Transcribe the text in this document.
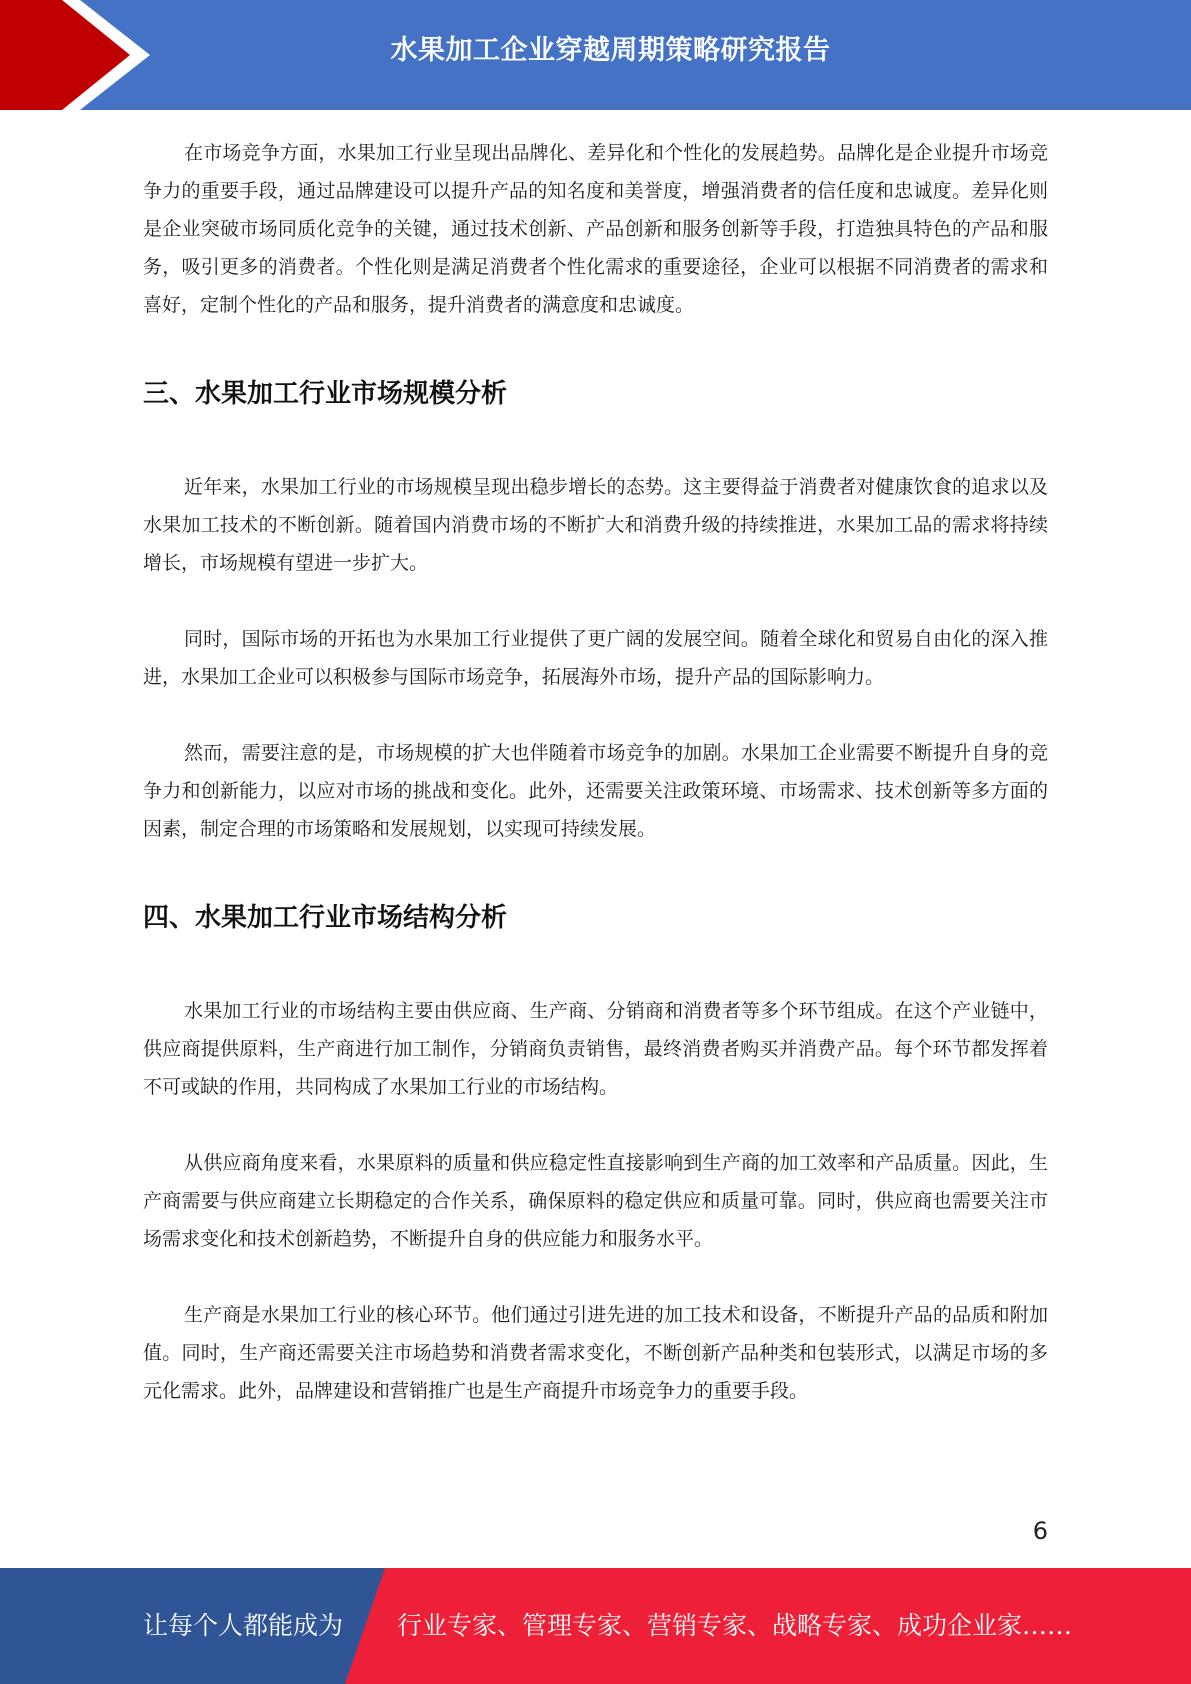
水果加工企业穿越周期策略研究报告

在市场竞争方面，水果加工行业呈现出品牌化、差异化和个性化的发展趋势。品牌化是企业提升市场竞争力的重要手段，通过品牌建设可以提升产品的知名度和美誉度，增强消费者的信任度和忠诚度。差异化则是企业突破市场同质化竞争的关键，通过技术创新、产品创新和服务创新等手段，打造独具特色的产品和服务，吸引更多的消费者。个性化则是满足消费者个性化需求的重要途径，企业可以根据不同消费者的需求和喜好，定制个性化的产品和服务，提升消费者的满意度和忠诚度。

三、水果加工行业市场规模分析

近年来，水果加工行业的市场规模呈现出稳步增长的态势。这主要得益于消费者对健康饮食的追求以及水果加工技术的不断创新。随着国内消费市场的不断扩大和消费升级的持续推进，水果加工品的需求将持续增长，市场规模有望进一步扩大。

同时，国际市场的开拓也为水果加工行业提供了更广阔的发展空间。随着全球化和贸易自由化的深入推进，水果加工企业可以积极参与国际市场竞争，拓展海外市场，提升产品的国际影响力。

然而，需要注意的是，市场规模的扩大也伴随着市场竞争的加剧。水果加工企业需要不断提升自身的竞争力和创新能力，以应对市场的挑战和变化。此外，还需要关注政策环境、市场需求、技术创新等多方面的因素，制定合理的市场策略和发展规划，以实现可持续发展。

四、水果加工行业市场结构分析

水果加工行业的市场结构主要由供应商、生产商、分销商和消费者等多个环节组成。在这个产业链中，供应商提供原料，生产商进行加工制作，分销商负责销售，最终消费者购买并消费产品。每个环节都发挥着不可或缺的作用，共同构成了水果加工行业的市场结构。

从供应商角度来看，水果原料的质量和供应稳定性直接影响到生产商的加工效率和产品质量。因此，生产商需要与供应商建立长期稳定的合作关系，确保原料的稳定供应和质量可靠。同时，供应商也需要关注市场需求变化和技术创新趋势，不断提升自身的供应能力和服务水平。

生产商是水果加工行业的核心环节。他们通过引进先进的加工技术和设备，不断提升产品的品质和附加值。同时，生产商还需要关注市场趋势和消费者需求变化，不断创新产品种类和包装形式，以满足市场的多元化需求。此外，品牌建设和营销推广也是生产商提升市场竞争力的重要手段。

6
让每个人都能成为 行业专家、管理专家、营销专家、战略专家、成功企业家……
